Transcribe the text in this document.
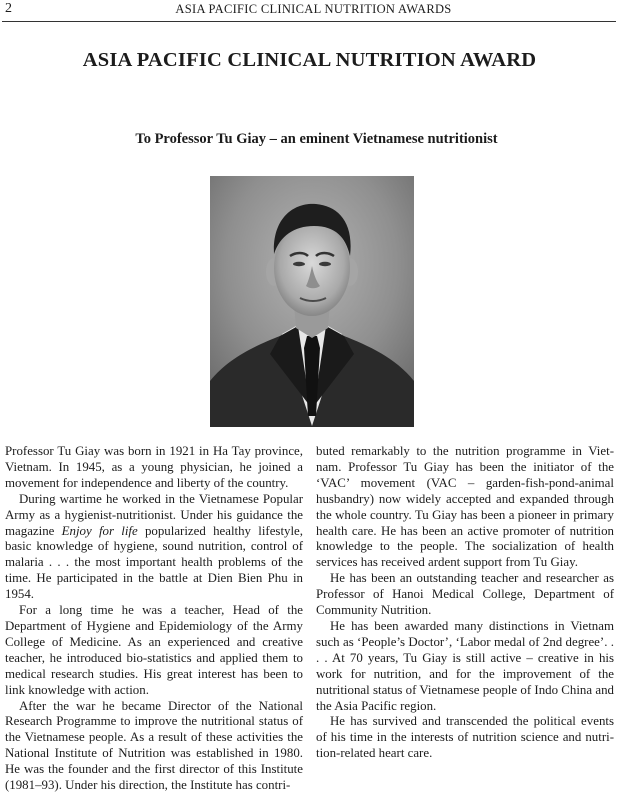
2	ASIA PACIFIC CLINICAL NUTRITION AWARDS
ASIA PACIFIC CLINICAL NUTRITION AWARD
To Professor Tu Giay – an eminent Vietnamese nutritionist

Professor Tu Giay was born in 1921 in Ha Tay province, Vietnam. In 1945, as a young physician, he joined a movement for independence and liberty of the country.

During wartime he worked in the Vietnamese Popular Army as a hygienist-nutritionist. Under his guidance the magazine Enjoy for life popularized healthy lifestyle, basic knowledge of hygiene, sound nutrition, control of malaria . . . the most important health problems of the time. He participated in the battle at Dien Bien Phu in 1954.

For a long time he was a teacher, Head of the Department of Hygiene and Epidemiology of the Army College of Medicine. As an experienced and creative teacher, he introduced bio-statistics and applied them to medical research studies. His great interest has been to link knowledge with action.

After the war he became Director of the National Research Programme to improve the nutritional status of the Vietnamese people. As a result of these activities the National Institute of Nutrition was established in 1980. He was the founder and the first director of this Institute (1981–93). Under his direction, the Institute has contri-

buted remarkably to the nutrition programme in Viet-nam. Professor Tu Giay has been the initiator of the ‘VAC’ movement (VAC – garden-fish-pond-animal husbandry) now widely accepted and expanded through the whole country. Tu Giay has been a pioneer in primary health care. He has been an active promoter of nutrition knowledge to the people. The socialization of health services has received ardent support from Tu Giay.

He has been an outstanding teacher and researcher as Professor of Hanoi Medical College, Department of Community Nutrition.

He has been awarded many distinctions in Vietnam such as ‘People’s Doctor’, ‘Labor medal of 2nd degree’. . . . At 70 years, Tu Giay is still active – creative in his work for nutrition, and for the improvement of the nutritional status of Vietnamese people of Indo China and the Asia Pacific region.

He has survived and transcended the political events of his time in the interests of nutrition science and nutri-tion-related heart care.
